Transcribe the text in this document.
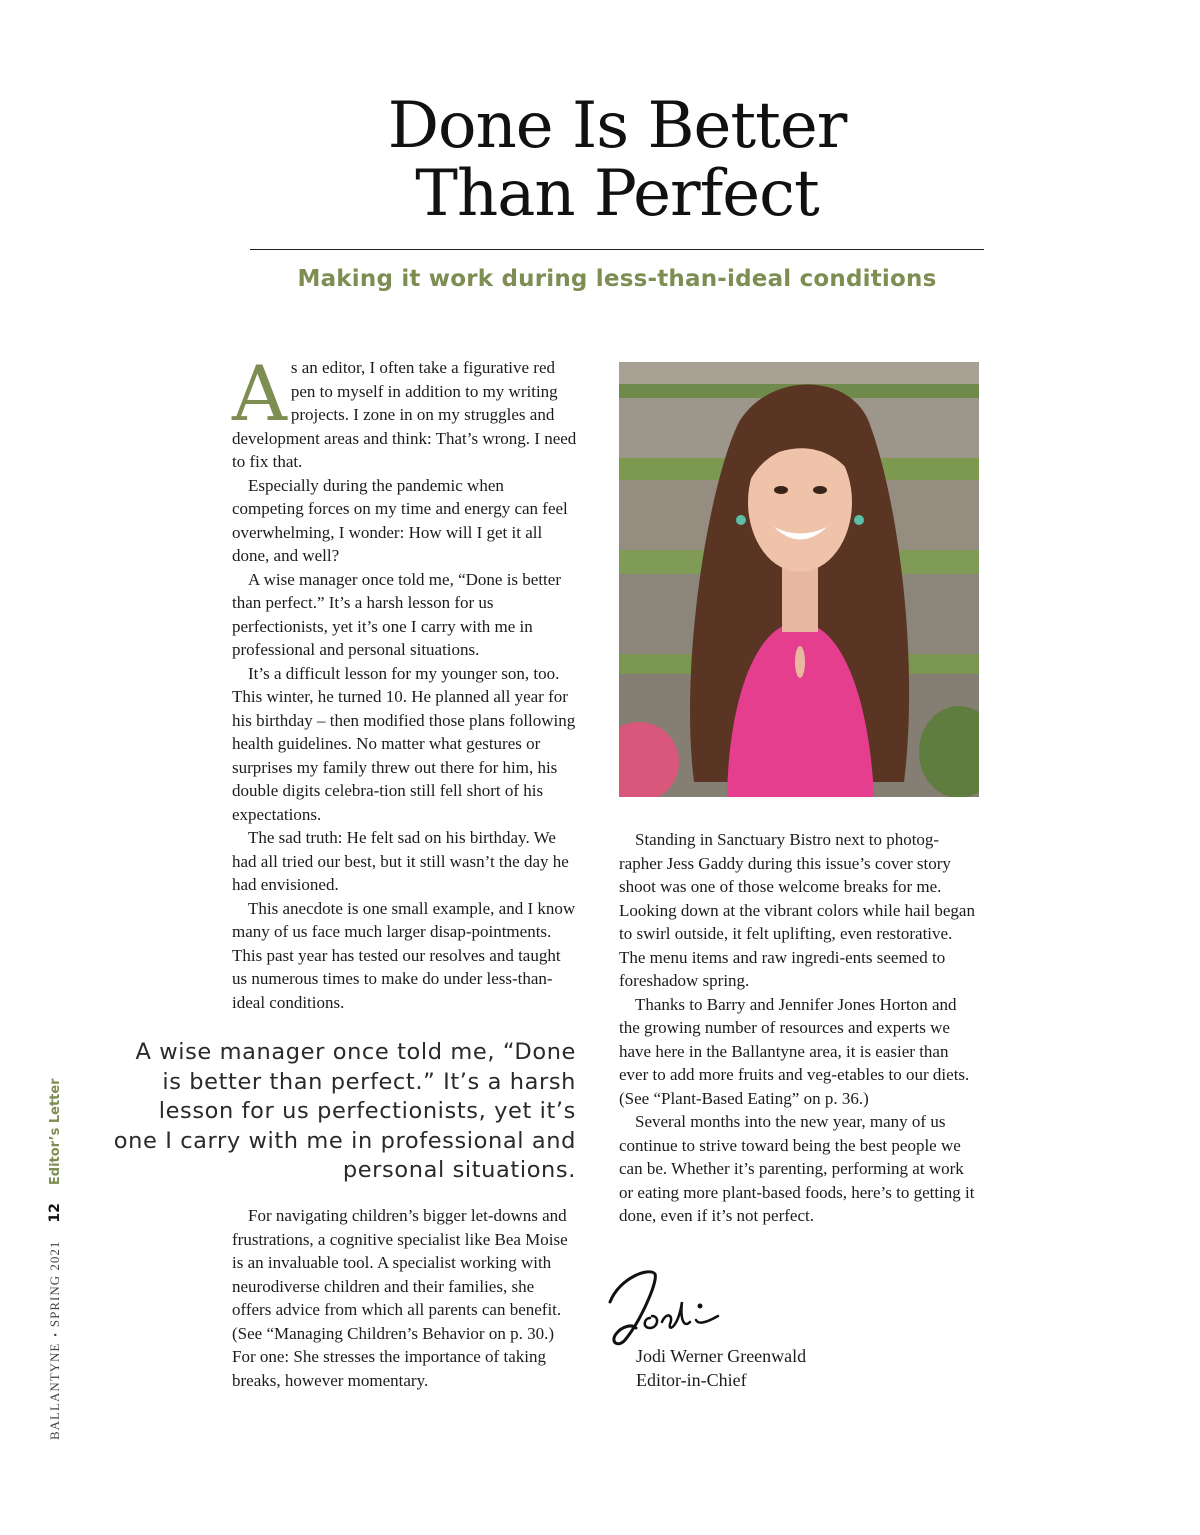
Done Is Better
Than Perfect
Making it work during less-than-ideal conditions

As an editor, I often take a figurative red pen to myself in addition to my writing projects. I zone in on my struggles and development areas and think: That’s wrong. I need to fix that.

Especially during the pandemic when competing forces on my time and energy can feel overwhelming, I wonder: How will I get it all done, and well?

A wise manager once told me, “Done is better than perfect.” It’s a harsh lesson for us perfectionists, yet it’s one I carry with me in professional and personal situations.

It’s a difficult lesson for my younger son, too. This winter, he turned 10. He planned all year for his birthday – then modified those plans following health guidelines. No matter what gestures or surprises my family threw out there for him, his double digits celebra-tion still fell short of his expectations.

The sad truth: He felt sad on his birthday. We had all tried our best, but it still wasn’t the day he had envisioned.

This anecdote is one small example, and I know many of us face much larger disap-pointments. This past year has tested our resolves and taught us numerous times to make do under less-than-ideal conditions.

A wise manager once told me, “Done is better than perfect.” It’s a harsh lesson for us perfectionists, yet it’s one I carry with me in professional and personal situations.

For navigating children’s bigger let-downs and frustrations, a cognitive specialist like Bea Moise is an invaluable tool. A specialist working with neurodiverse children and their families, she offers advice from which all parents can benefit. (See “Managing Children’s Behavior on p. 30.) For one: She stresses the importance of taking breaks, however momentary.

Standing in Sanctuary Bistro next to photog-rapher Jess Gaddy during this issue’s cover story shoot was one of those welcome breaks for me. Looking down at the vibrant colors while hail began to swirl outside, it felt uplifting, even restorative. The menu items and raw ingredi-ents seemed to foreshadow spring.

Thanks to Barry and Jennifer Jones Horton and the growing number of resources and experts we have here in the Ballantyne area, it is easier than ever to add more fruits and veg-etables to our diets. (See “Plant-Based Eating” on p. 36.)

Several months into the new year, many of us continue to strive toward being the best people we can be. Whether it’s parenting, performing at work or eating more plant-based foods, here’s to getting it done, even if it’s not perfect.

Jodi Werner Greenwald
Editor-in-Chief
BALLANTYNE•SPRING 202112Editor’s Letter
